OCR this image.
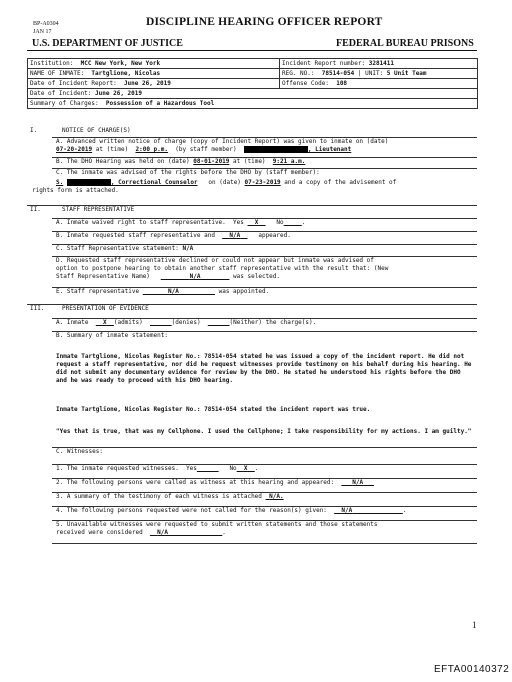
BP-A0304
JAN 17
DISCIPLINE HEARING OFFICER REPORT
U.S. DEPARTMENT OF JUSTICE	FEDERAL BUREAU PRISONS
Institution: MCC New York, New York	Incident Report number: 3281411
NAME OF INMATE: Tartglione, Nicolas	REG. NO.: 78514-054 | UNIT: 5 Unit Team
Date of Incident Report: June 26, 2019	Offense Code: 108
Date of Incident: June 26, 2019	
Summary of Charges: Possession of a Hazardous Tool	
I.	NOTICE OF CHARGE(S)
A. Advanced written notice of charge (copy of Incident Report) was given to inmate on (date)
07-20-2019 at (time) 2:00 p.m. (by staff member)	, Lieutenant
B. The DHO Hearing was held on (date) 08-01-2019 at (time) 9:21 a.m.
C. The inmate was advised of the rights before the DHO by (staff member):
S.	, Correctional Counselor on (date) 07-23-2019 and a copy of the advisement of
rights form is attached.
II.	STAFF REPRESENTATIVE
A. Inmate waived right to staff representative. Yes X	No	.
B. Inmate requested staff representative and N/A	appeared.
C. Staff Representative statement: N/A
D. Requested staff representative declined or could not appear but inmate was advised of
option to postpone hearing to obtain another staff representative with the result that: (New
Staff Representative Name)	N/A	was selected.
E. Staff representative	N/A	was appointed.
III.	PRESENTATION OF EVIDENCE
A. Inmate X (admits)	(denies)	(Neither) the charge(s).
B. Summary of inmate statement:
Inmate Tartglione, Nicolas Register No.: 78514-054 stated he was issued a copy of the incident report. He did not request a staff representative, nor did he request witnesses provide testimony on his behalf during his hearing. He did not submit any documentary evidence for review by the DHO. He stated he understood his rights before the DHO and he was ready to proceed with his DHO hearing.
Inmate Tartglione, Nicolas Register No.: 78514-054 stated the incident report was true.
"Yes that is true, that was my Cellphone. I used the Cellphone; I take responsibility for my actions. I am guilty."
C. Witnesses:
1. The inmate requested witnesses. Yes	No X .
2. The following persons were called as witness at this hearing and appeared:	N/A
3. A summary of the testimony of each witness is attached N/A.
4. The following persons requested were not called for the reason(s) given: N/A	.
5. Unavailable witnesses were requested to submit written statements and those statements
received were considered N/A	.
1
EFTA00140372
